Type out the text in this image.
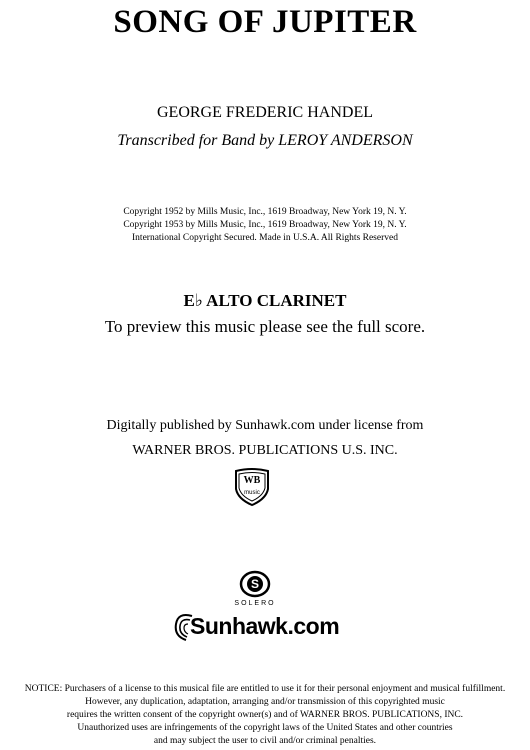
SONG OF JUPITER
GEORGE FREDERIC HANDEL
Transcribed for Band by LEROY ANDERSON
Copyright 1952 by Mills Music, Inc., 1619 Broadway, New York 19, N. Y.
Copyright 1953 by Mills Music, Inc., 1619 Broadway, New York 19, N. Y.
International Copyright Secured. Made in U.S.A. All Rights Reserved
E♭ ALTO CLARINET
To preview this music please see the full score.
Digitally published by Sunhawk.com under license from
WARNER BROS. PUBLICATIONS U.S. INC.
WB
music
S
SOLERO
Sunhawk.com
NOTICE: Purchasers of a license to this musical file are entitled to use it for their personal enjoyment and musical fulfillment.
However, any duplication, adaptation, arranging and/or transmission of this copyrighted music
requires the written consent of the copyright owner(s) and of WARNER BROS. PUBLICATIONS, INC.
Unauthorized uses are infringements of the copyright laws of the United States and other countries
and may subject the user to civil and/or criminal penalties.
